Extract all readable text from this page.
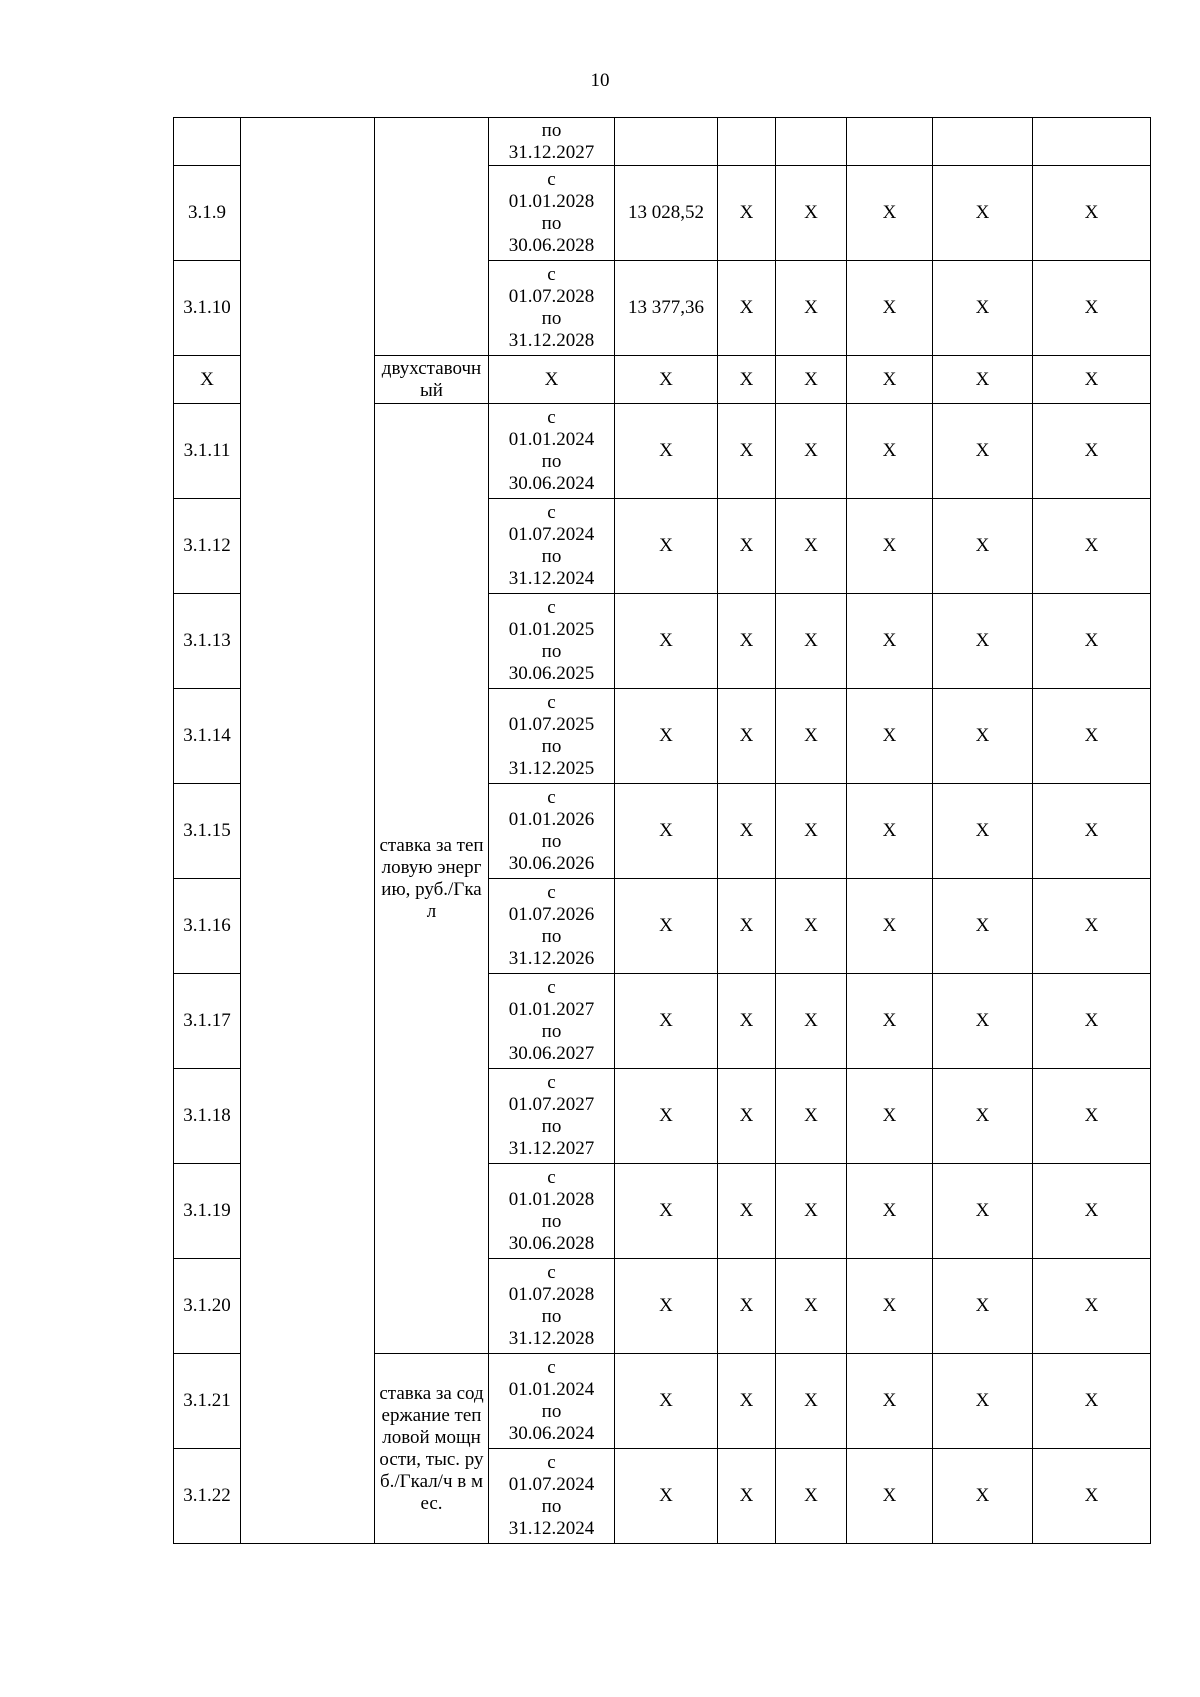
10

			по
31.12.2027						

3.1.9			с
01.01.2028
по
30.06.2028	13 028,52	Х	Х	Х	Х	Х
3.1.10			с
01.07.2028
по
31.12.2028	13 377,36	Х	Х	Х	Х	Х
Х		двухставочный	Х	Х	Х	Х	Х	Х	Х
3.1.11		ставка за тепловую энергию, руб./Гкал	с
01.01.2024
по
30.06.2024	Х	Х	Х	Х	Х	Х
3.1.12			с
01.07.2024
по
31.12.2024	Х	Х	Х	Х	Х	Х
3.1.13			с
01.01.2025
по
30.06.2025	Х	Х	Х	Х	Х	Х
3.1.14			с
01.07.2025
по
31.12.2025	Х	Х	Х	Х	Х	Х
3.1.15			с
01.01.2026
по
30.06.2026	Х	Х	Х	Х	Х	Х
3.1.16			с
01.07.2026
по
31.12.2026	Х	Х	Х	Х	Х	Х
3.1.17			с
01.01.2027
по
30.06.2027	Х	Х	Х	Х	Х	Х
3.1.18			с
01.07.2027
по
31.12.2027	Х	Х	Х	Х	Х	Х
3.1.19			с
01.01.2028
по
30.06.2028	Х	Х	Х	Х	Х	Х
3.1.20			с
01.07.2028
по
31.12.2028	Х	Х	Х	Х	Х	Х
3.1.21		ставка за содержание тепловой мощности, тыс. руб./Гкал/ч в мес.	с
01.01.2024
по
30.06.2024	Х	Х	Х	Х	Х	Х
3.1.22			с
01.07.2024
по
31.12.2024	Х	Х	Х	Х	Х	Х
